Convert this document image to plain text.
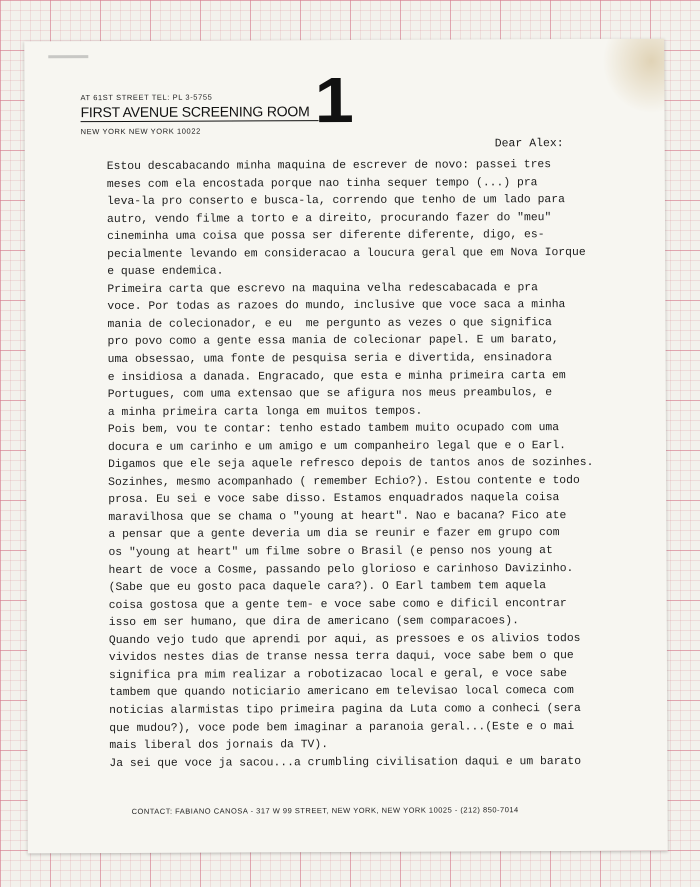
AT 61ST STREET TEL: PL 3-5755
FIRST AVENUE SCREENING ROOM
NEW YORK NEW YORK 10022 1
Dear Alex:
Estou descabacando minha maquina de escrever de novo: passei tres
meses com ela encostada porque nao tinha sequer tempo (...) pra
leva-la pro conserto e busca-la, correndo que tenho de um lado para
autro, vendo filme a torto e a direito, procurando fazer do "meu"
cineminha uma coisa que possa ser diferente diferente, digo, es-
pecialmente levando em consideracao a loucura geral que em Nova Iorque
e quase endemica.
Primeira carta que escrevo na maquina velha redescabacada e pra
voce. Por todas as razoes do mundo, inclusive que voce saca a minha
mania de colecionador, e eu  me pergunto as vezes o que significa
pro povo como a gente essa mania de colecionar papel. E um barato,
uma obsessao, uma fonte de pesquisa seria e divertida, ensinadora
e insidiosa a danada. Engracado, que esta e minha primeira carta em
Portugues, com uma extensao que se afigura nos meus preambulos, e
a minha primeira carta longa em muitos tempos.
Pois bem, vou te contar: tenho estado tambem muito ocupado com uma
docura e um carinho e um amigo e um companheiro legal que e o Earl.
Digamos que ele seja aquele refresco depois de tantos anos de sozinhes.
Sozinhes, mesmo acompanhado ( remember Echio?). Estou contente e todo
prosa. Eu sei e voce sabe disso. Estamos enquadrados naquela coisa
maravilhosa que se chama o "young at heart". Nao e bacana? Fico ate
a pensar que a gente deveria um dia se reunir e fazer em grupo com
os "young at heart" um filme sobre o Brasil (e penso nos young at
heart de voce a Cosme, passando pelo glorioso e carinhoso Davizinho.
(Sabe que eu gosto paca daquele cara?). O Earl tambem tem aquela
coisa gostosa que a gente tem- e voce sabe como e dificil encontrar
isso em ser humano, que dira de americano (sem comparacoes).
Quando vejo tudo que aprendi por aqui, as pressoes e os alivios todos
vividos nestes dias de transe nessa terra daqui, voce sabe bem o que
significa pra mim realizar a robotizacao local e geral, e voce sabe
tambem que quando noticiario americano em televisao local comeca com
noticias alarmistas tipo primeira pagina da Luta como a conheci (sera
que mudou?), voce pode bem imaginar a paranoia geral...(Este e o mai
mais liberal dos jornais da TV).
Ja sei que voce ja sacou...a crumbling civilisation daqui e um barato
CONTACT: FABIANO CANOSA - 317 W 99 STREET, NEW YORK, NEW YORK 10025 - (212) 850-7014
